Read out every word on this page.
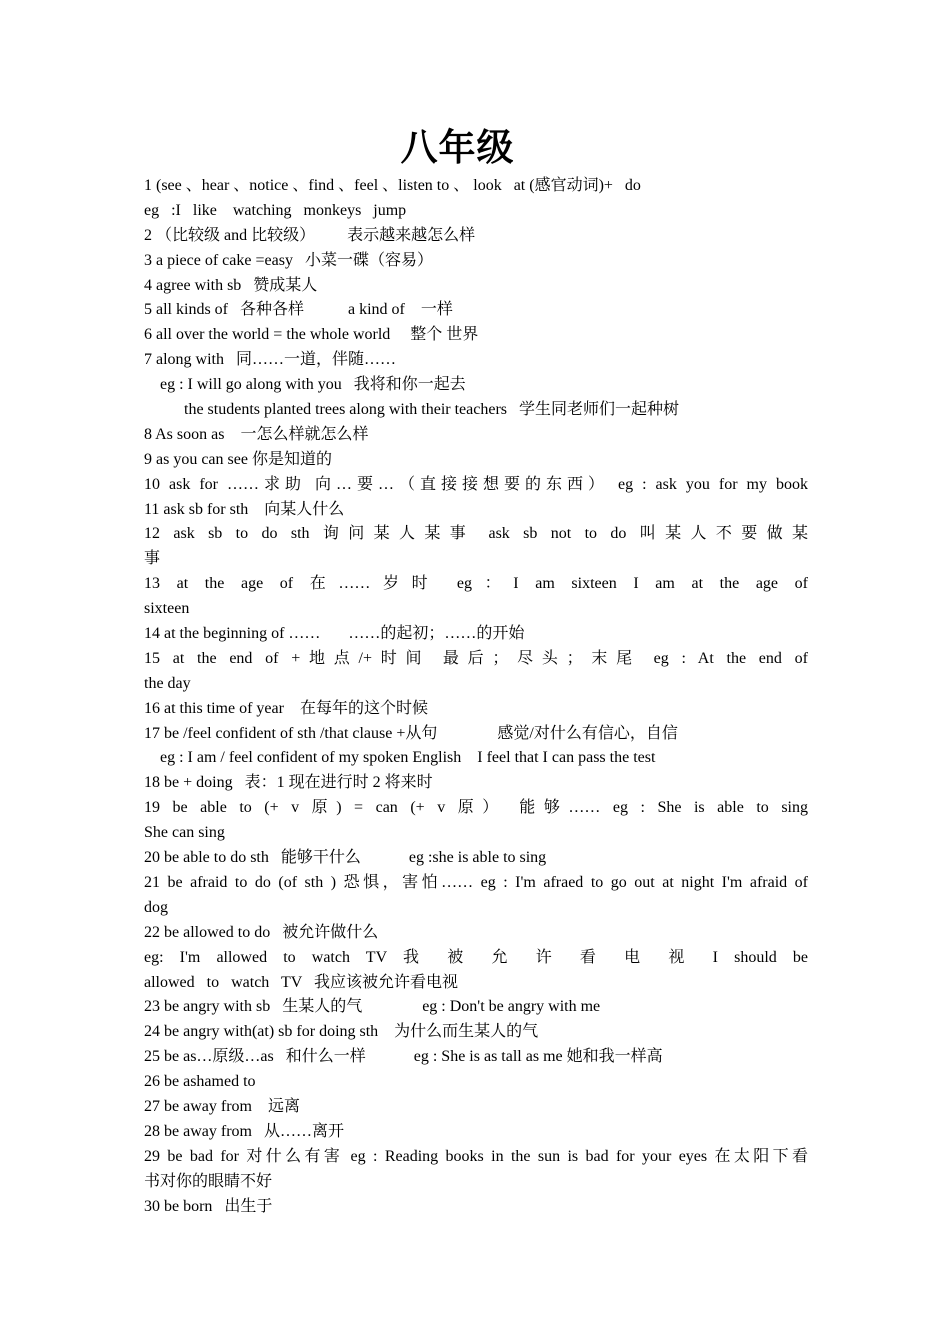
八年级
1 (see 、hear 、notice 、find 、feel 、listen to 、 look   at (感官动词)+   do
eg   :I   like    watching   monkeys   jump
2 （比较级 and 比较级）        表示越来越怎么样
3 a piece of cake =easy   小菜一碟（容易）
4 agree with sb   赞成某人
5 all kinds of   各种各样           a kind of    一样
6 all over the world = the whole world     整个 世界
7 along with   同……一道，伴随……
eg : I will go along with you   我将和你一起去
the students planted trees along with their teachers   学生同老师们一起种树
8 As soon as    一怎么样就怎么样
9 as you can see 你是知道的
10 ask for ……求助 向…要…（直接接想要的东西） eg : ask you for my book
11 ask sb for sth    向某人什么
12 ask sb to do sth 询问某人某事 ask sb not to do 叫某人不要做某
事
13 at the age of 在……岁时 eg：I am sixteen I am at the age of
sixteen
14 at the beginning of ……       ……的起初；……的开始
15 at the end of +地点/+时间 最后；尽头；末尾 eg : At the end of
the day
16 at this time of year    在每年的这个时候
17 be /feel confident of sth /that clause +从句               感觉/对什么有信心，自信
eg : I am / feel confident of my spoken English    I feel that I can pass the test
18 be + doing   表：1 现在进行时 2 将来时
19 be able to (+ v 原) = can (+ v 原） 能够…… eg : She is able to sing
She can sing
20 be able to do sth   能够干什么            eg :she is able to sing
21 be afraid to do (of sth ) 恐惧，害怕…… eg : I'm afraed to go out at night I'm afraid of
dog
22 be allowed to do   被允许做什么
eg: I'm allowed to watch TV 我 被 允 许 看 电 视 I should be
allowed   to   watch   TV   我应该被允许看电视
23 be angry with sb   生某人的气               eg : Don't be angry with me
24 be angry with(at) sb for doing sth    为什么而生某人的气
25 be as…原级…as   和什么一样            eg : She is as tall as me 她和我一样高
26 be ashamed to
27 be away from    远离
28 be away from   从……离开
29 be bad for 对什么有害 eg : Reading books in the sun is bad for your eyes 在太阳下看
书对你的眼睛不好
30 be born   出生于
